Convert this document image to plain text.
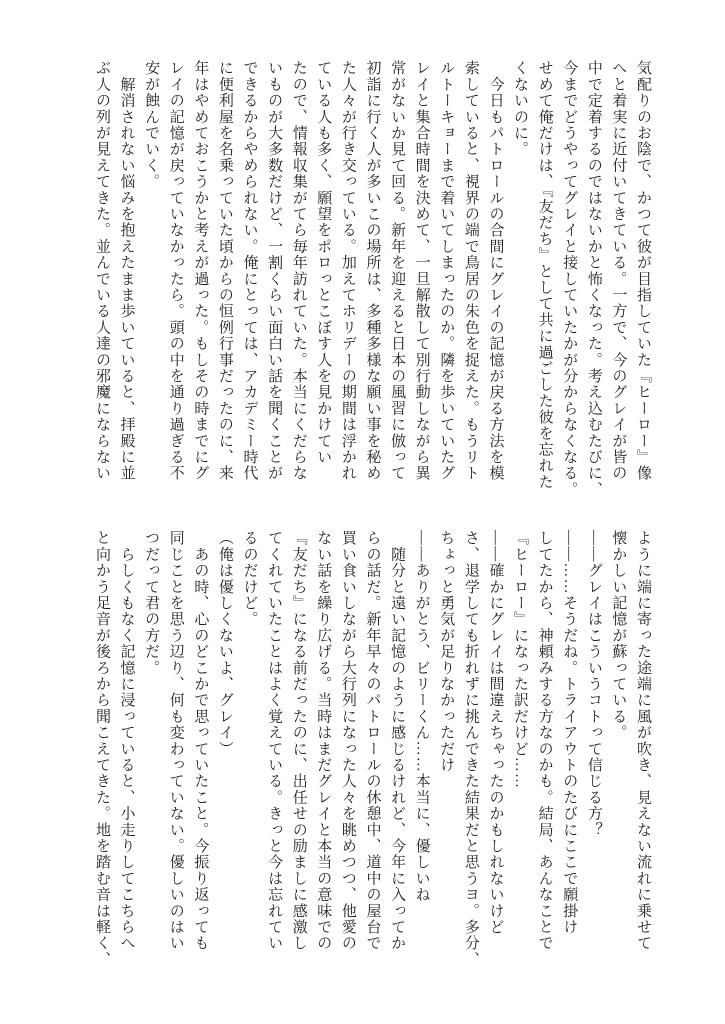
気配りのお陰で、かつて彼が目指していた『ヒーロー』像

へと着実に近付いてきている。一方で、今のグレイが皆の

中で定着するのではないかと怖くなった。考え込むたびに、

今までどうやってグレイと接していたかが分からなくなる。

せめて俺だけは、『友だち』として共に過ごした彼を忘れた

くないのに。

　今日もパトロールの合間にグレイの記憶が戻る方法を模

索していると、視界の端で鳥居の朱色を捉えた。もうリト

ルトーキョーまで着いてしまったのか。隣を歩いていたグ

レイと集合時間を決めて、一旦解散して別行動しながら異

常がないか見て回る。新年を迎えると日本の風習に倣って

初詣に行く人が多いこの場所は、多種多様な願い事を秘め

た人々が行き交っている。加えてホリデーの期間は浮かれ

ている人も多く、願望をポロっとこぼす人を見かけてい

たので、情報収集がてら毎年訪れていた。本当にくだらな

いものが大多数だけど、一割くらい面白い話を聞くことが

できるからやめられない。俺にとっては、アカデミー時代

に便利屋を名乗っていた頃からの恒例行事だったのに、来

年はやめておこうかと考えが過った。もしその時までにグ

レイの記憶が戻っていなかったら。頭の中を通り過ぎる不

安が蝕んでいく。

　解消されない悩みを抱えたまま歩いていると、拝殿に並

ぶ人の列が見えてきた。並んでいる人達の邪魔にならない

ように端に寄った途端に風が吹き、見えない流れに乗せて

懐かしい記憶が蘇っている。

――グレイはこういうコトって信じる方？

――……そうだね。トライアウトのたびにここで願掛け

してたから、神頼みする方なのかも。結局、あんなことで

『ヒーロー』になった訳だけど……

――確かにグレイは間違えちゃったのかもしれないけど

さ、退学しても折れずに挑んできた結果だと思うヨ。多分、

ちょっと勇気が足りなかっただけ

――ありがとう、ビリーくん……本当に、優しいね

　随分と遠い記憶のように感じるけれど、今年に入ってか

らの話だ。新年早々のパトロールの休憩中、道中の屋台で

買い食いしながら大行列になった人々を眺めつつ、他愛の

ない話を繰り広げる。当時はまだグレイと本当の意味での

『友だち』になる前だったのに、出任せの励ましに感激し

てくれていたことはよく覚えている。きっと今は忘れてい

るのだけど。

（俺は優しくないよ、グレイ）

　あの時、心のどこかで思っていたこと。今振り返っても

同じことを思う辺り、何も変わっていない。優しいのはい

つだって君の方だ。

　らしくもなく記憶に浸っていると、小走りしてこちらへ

と向かう足音が後ろから聞こえてきた。地を踏む音は軽く、
